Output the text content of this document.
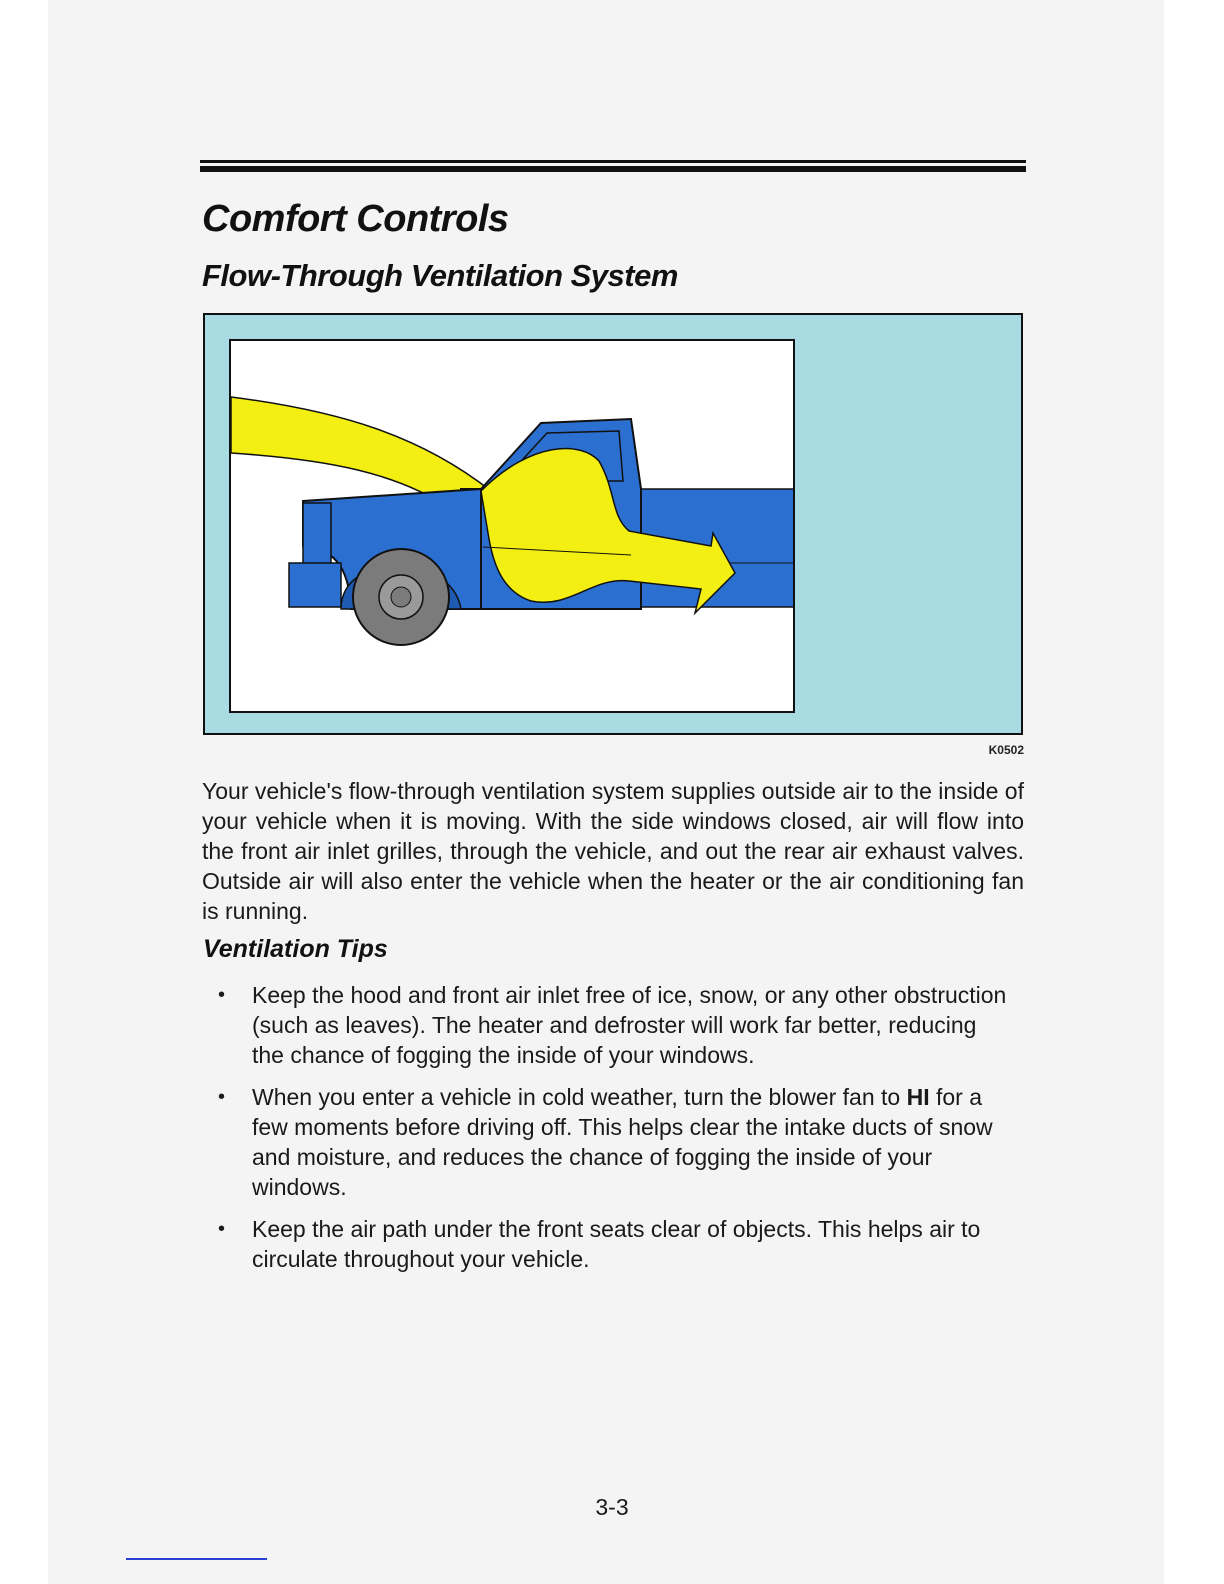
Comfort Controls
Flow-Through Ventilation System
K0502

Your vehicle's flow-through ventilation system supplies outside air to the inside of your vehicle when it is moving. With the side windows closed, air will flow into the front air inlet grilles, through the vehicle, and out the rear air exhaust valves. Outside air will also enter the vehicle when the heater or the air conditioning fan is running.

Ventilation Tips
• Keep the hood and front air inlet free of ice, snow, or any other obstruction (such as leaves). The heater and defroster will work far better, reducing the chance of fogging the inside of your windows.
• When you enter a vehicle in cold weather, turn the blower fan to HI for a few moments before driving off. This helps clear the intake ducts of snow and moisture, and reduces the chance of fogging the inside of your windows.
• Keep the air path under the front seats clear of objects. This helps air to circulate throughout your vehicle.
3-3
